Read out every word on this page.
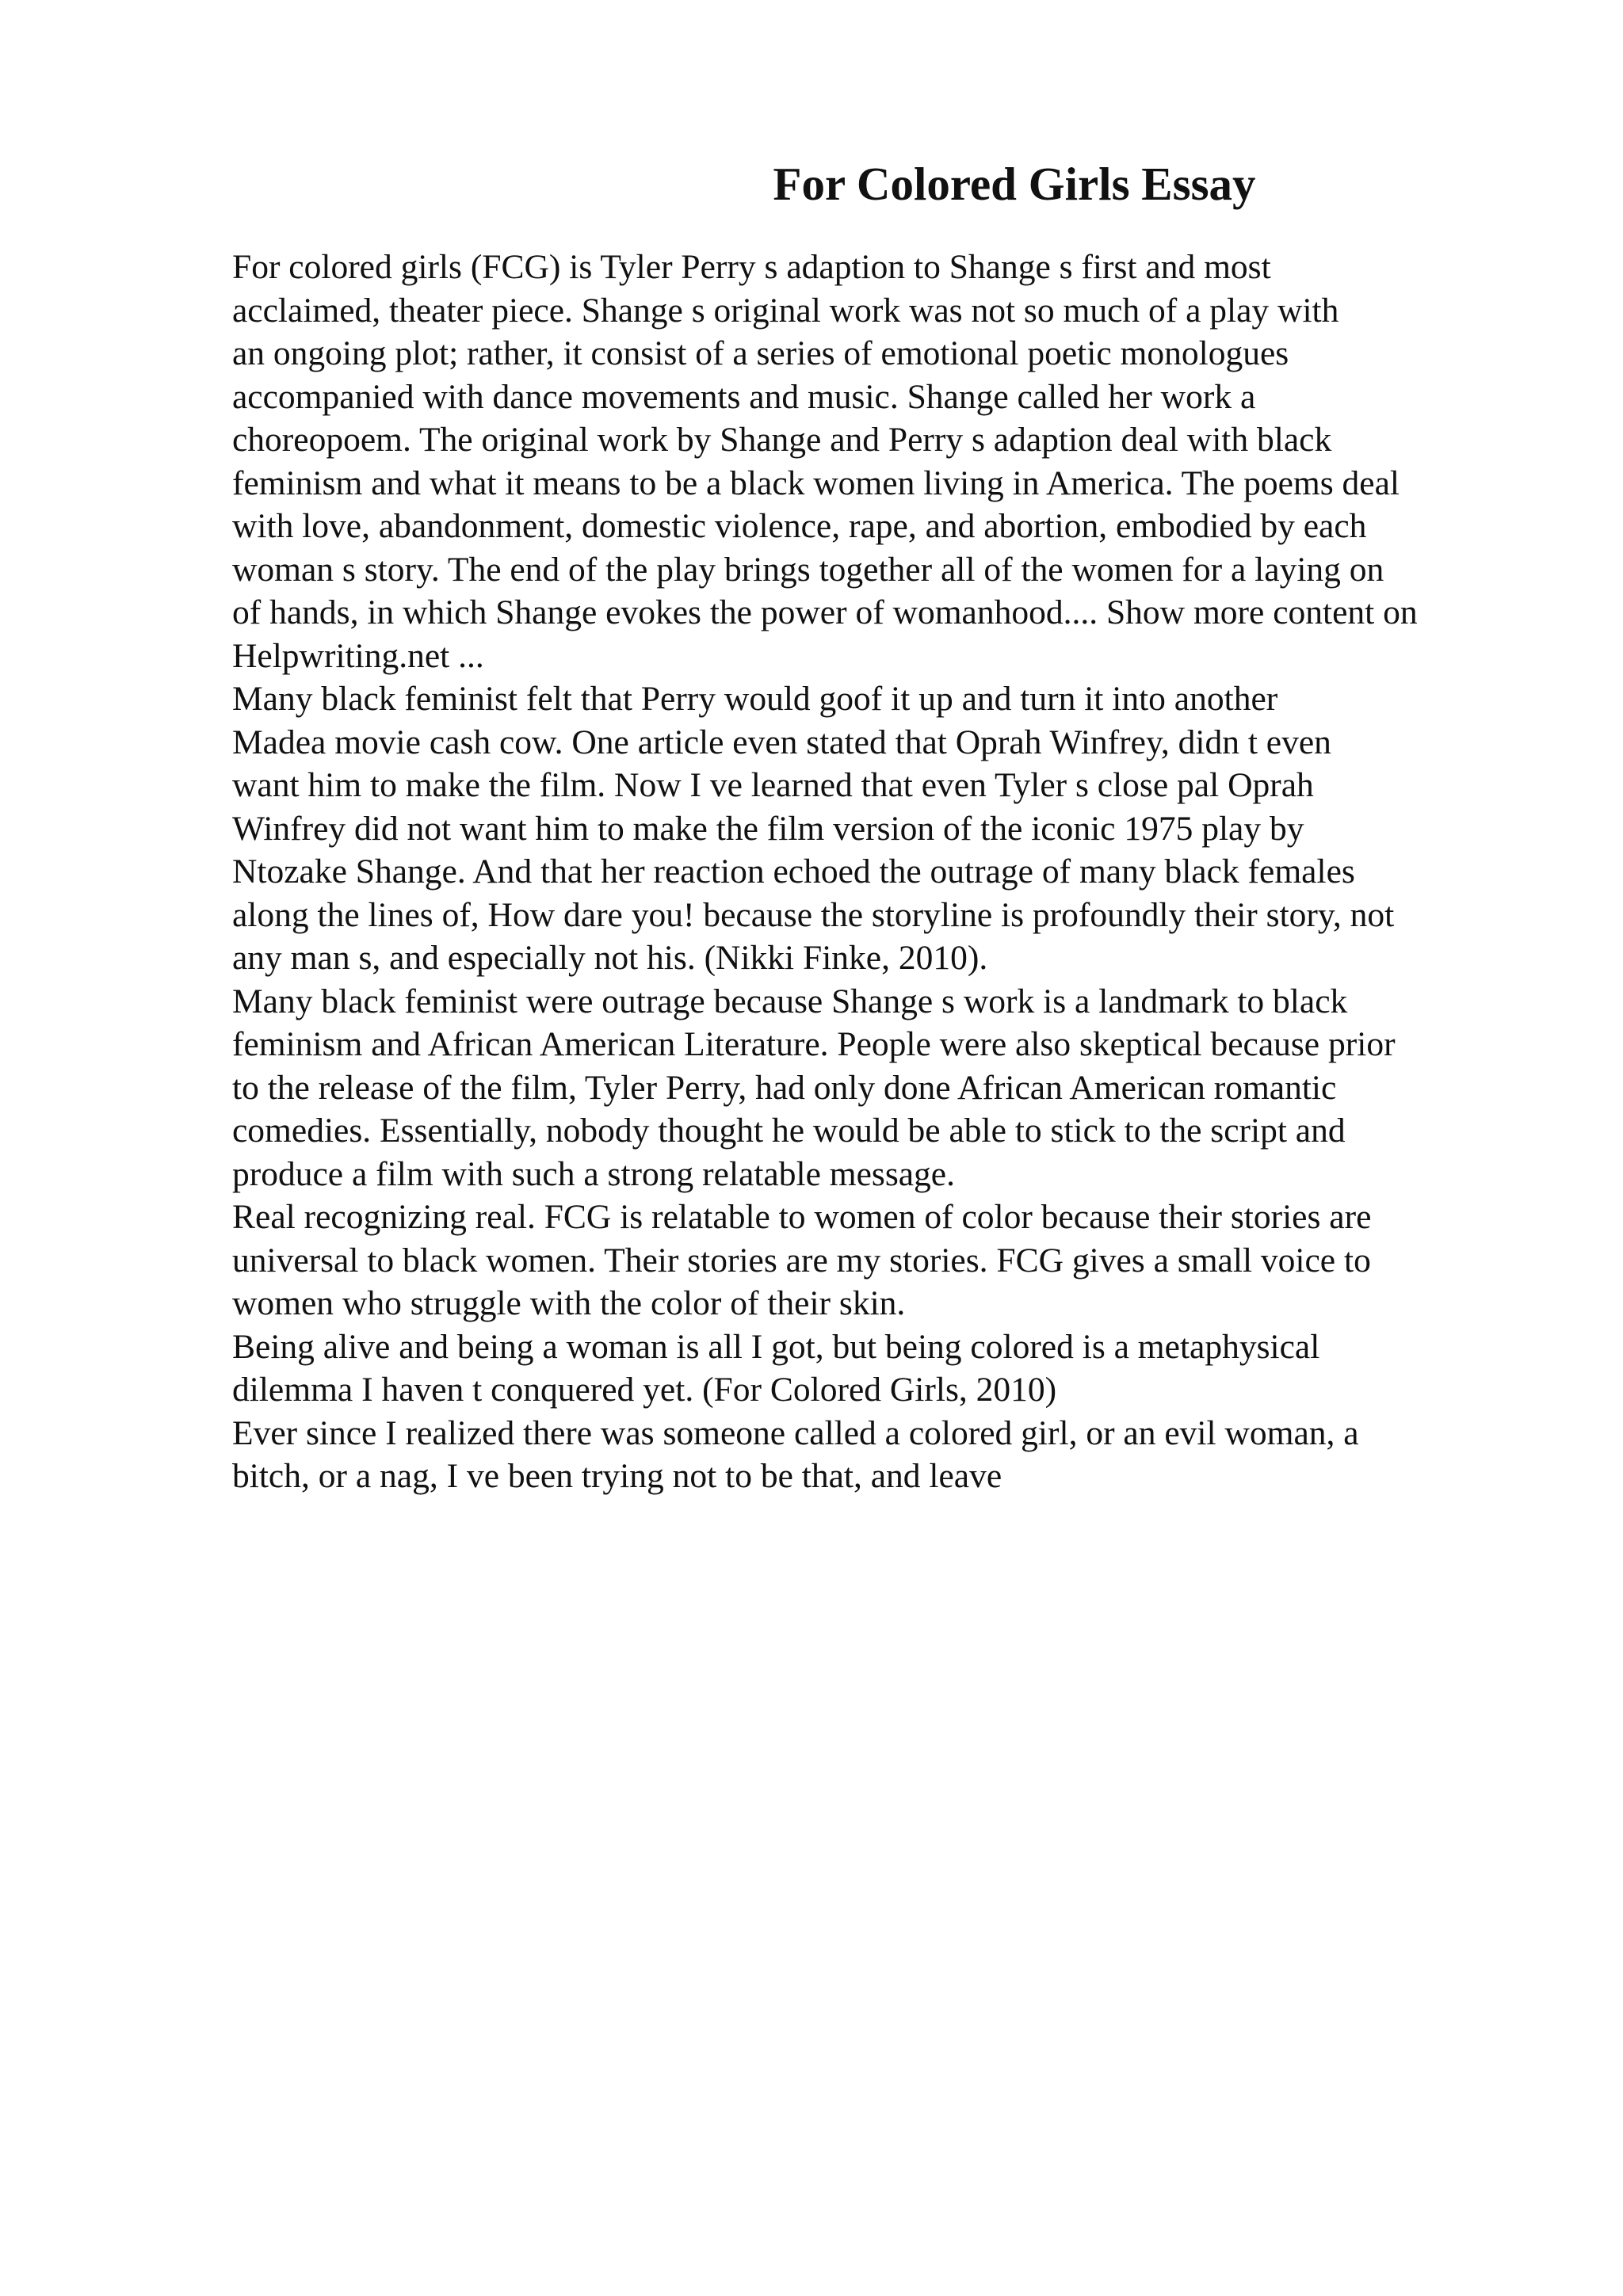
For Colored Girls Essay
For colored girls (FCG) is Tyler Perry s adaption to Shange s first and most
acclaimed, theater piece. Shange s original work was not so much of a play with
an ongoing plot; rather, it consist of a series of emotional poetic monologues
accompanied with dance movements and music. Shange called her work a
choreopoem. The original work by Shange and Perry s adaption deal with black
feminism and what it means to be a black women living in America. The poems deal
with love, abandonment, domestic violence, rape, and abortion, embodied by each
woman s story. The end of the play brings together all of the women for a laying on
of hands, in which Shange evokes the power of womanhood.... Show more content on
Helpwriting.net ...
Many black feminist felt that Perry would goof it up and turn it into another
Madea movie cash cow. One article even stated that Oprah Winfrey, didn t even
want him to make the film. Now I ve learned that even Tyler s close pal Oprah
Winfrey did not want him to make the film version of the iconic 1975 play by
Ntozake Shange. And that her reaction echoed the outrage of many black females
along the lines of, How dare you! because the storyline is profoundly their story, not
any man s, and especially not his. (Nikki Finke, 2010).
Many black feminist were outrage because Shange s work is a landmark to black
feminism and African American Literature. People were also skeptical because prior
to the release of the film, Tyler Perry, had only done African American romantic
comedies. Essentially, nobody thought he would be able to stick to the script and
produce a film with such a strong relatable message.
Real recognizing real. FCG is relatable to women of color because their stories are
universal to black women. Their stories are my stories. FCG gives a small voice to
women who struggle with the color of their skin.
Being alive and being a woman is all I got, but being colored is a metaphysical
dilemma I haven t conquered yet. (For Colored Girls, 2010)
Ever since I realized there was someone called a colored girl, or an evil woman, a
bitch, or a nag, I ve been trying not to be that, and leave
